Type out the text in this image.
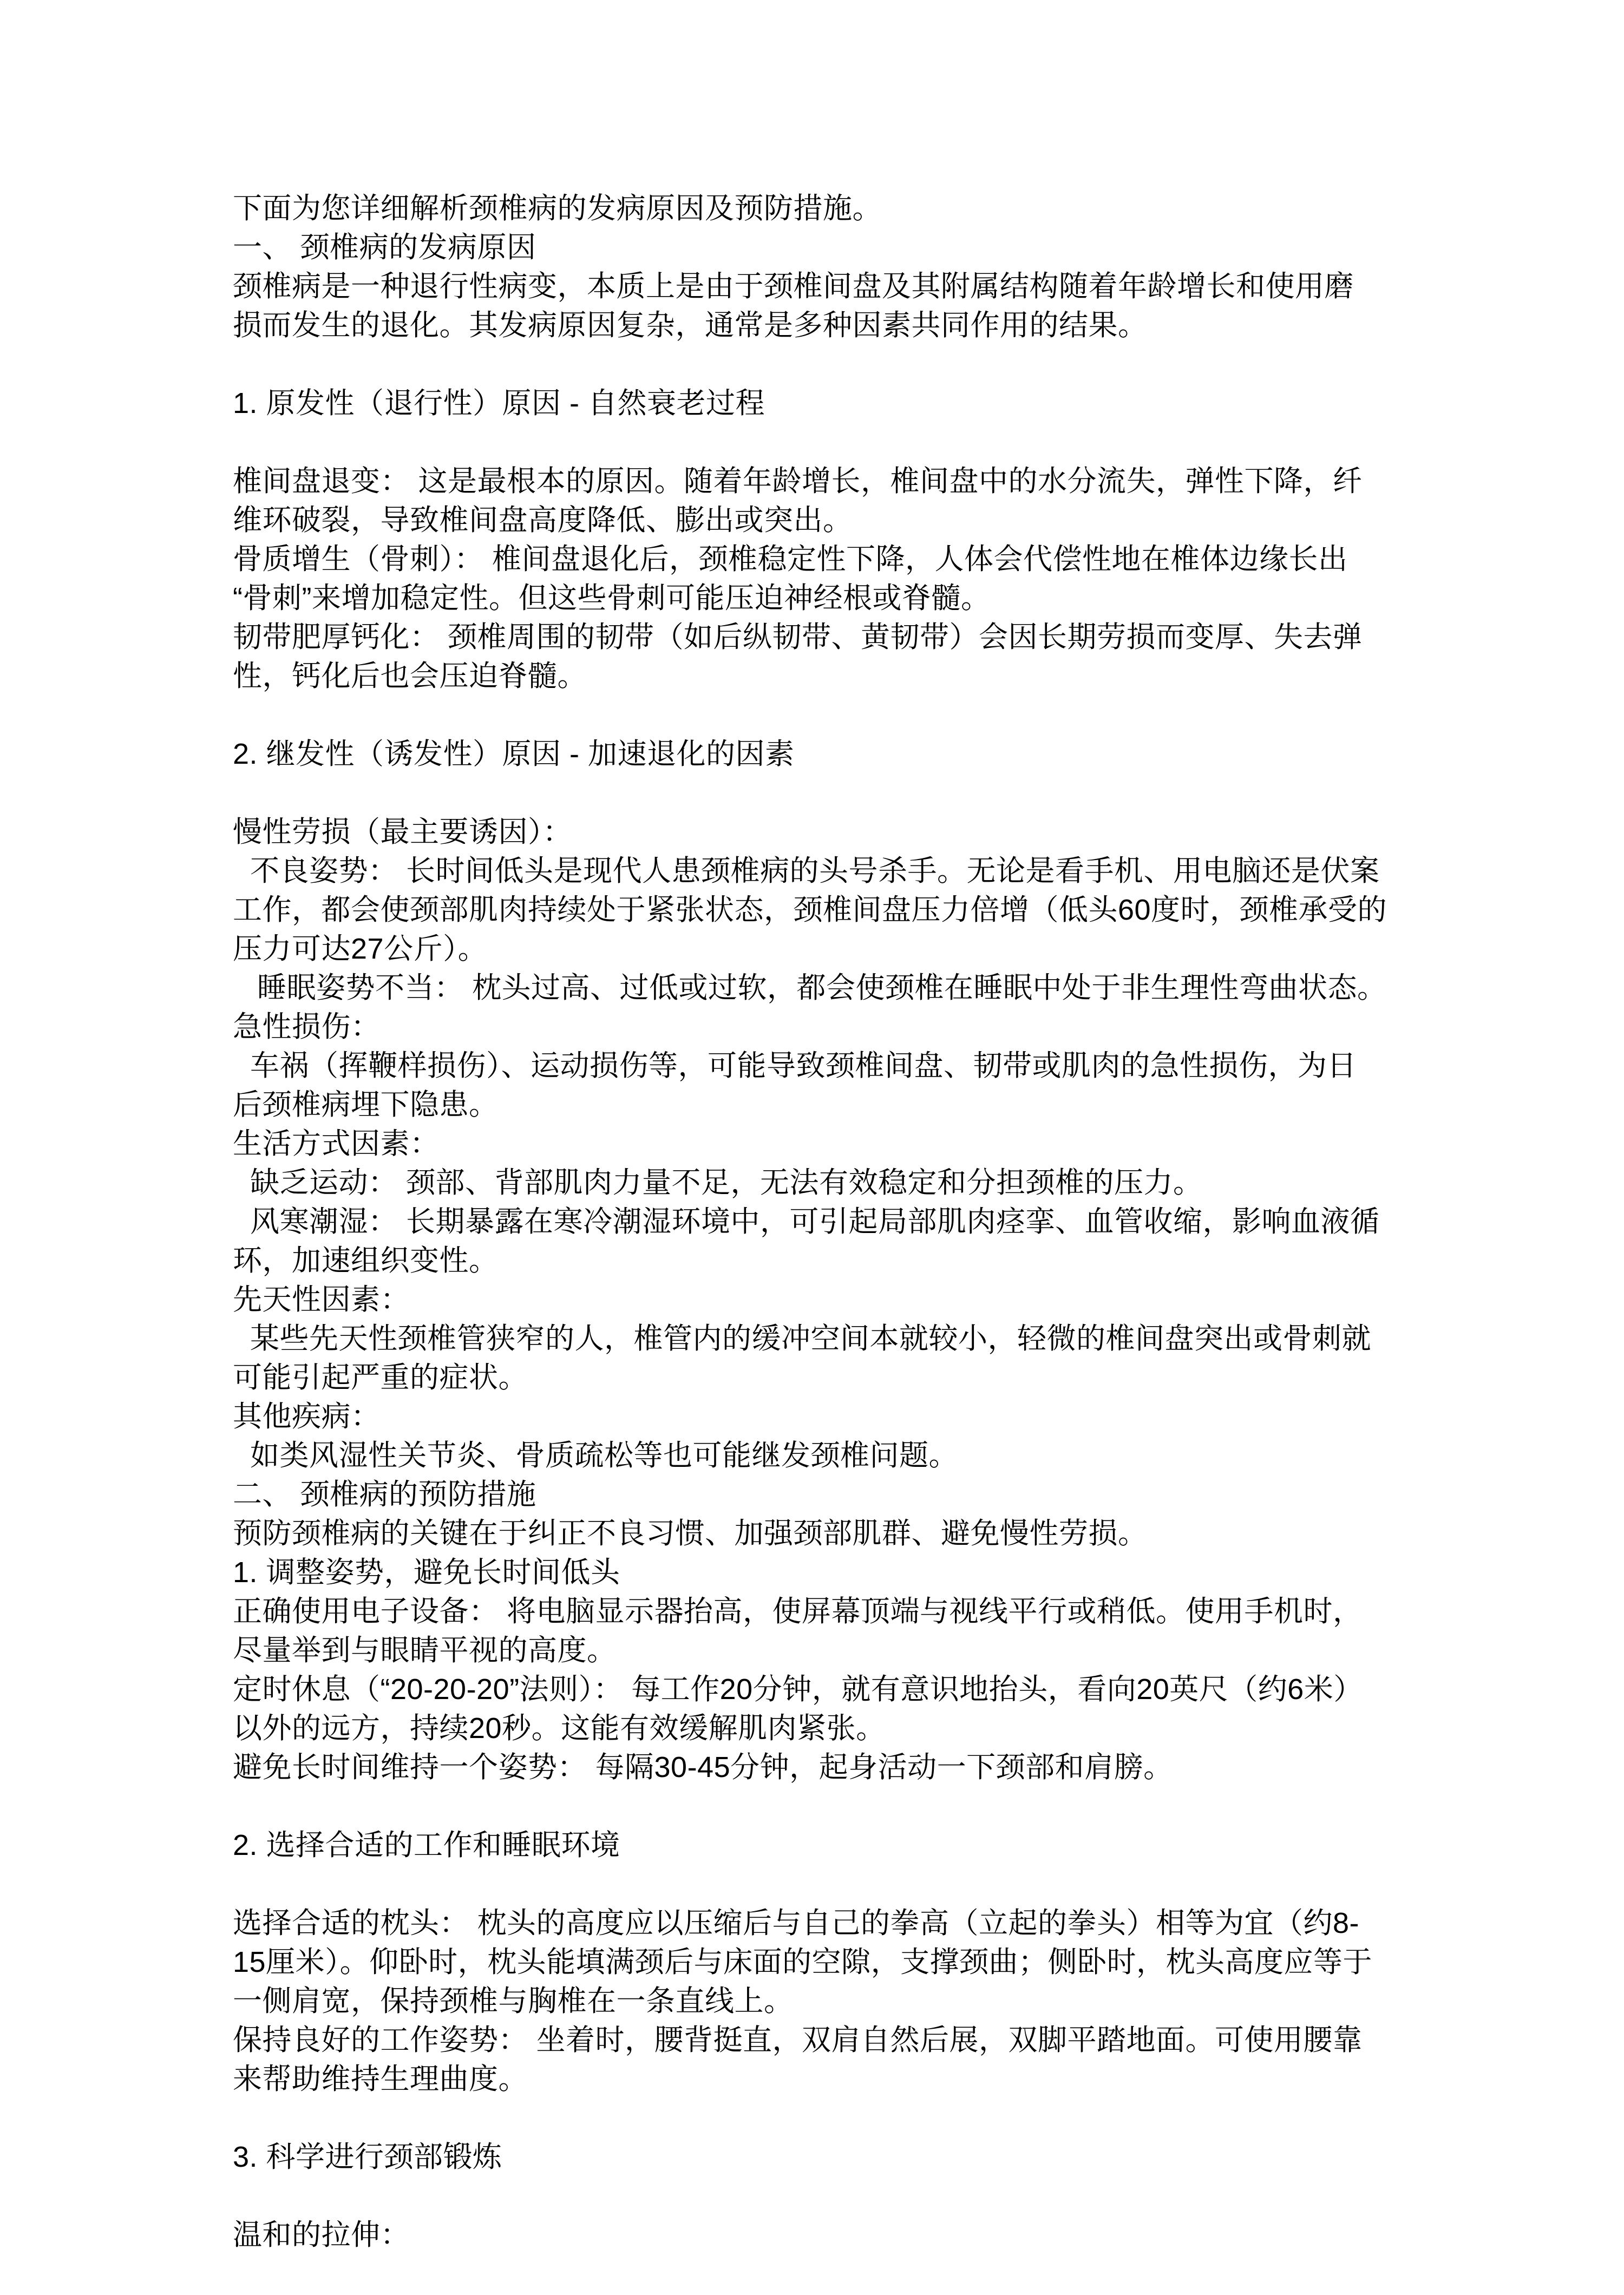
下面为您详细解析颈椎病的发病原因及预防措施。
一、 颈椎病的发病原因
颈椎病是一种退行性病变，本质上是由于颈椎间盘及其附属结构随着年龄增长和使用磨
损而发生的退化。其发病原因复杂，通常是多种因素共同作用的结果。
1. 原发性（退行性）原因 - 自然衰老过程
椎间盘退变： 这是最根本的原因。随着年龄增长，椎间盘中的水分流失，弹性下降，纤
维环破裂，导致椎间盘高度降低、膨出或突出。
骨质增生（骨刺）： 椎间盘退化后，颈椎稳定性下降，人体会代偿性地在椎体边缘长出
“骨刺”来增加稳定性。但这些骨刺可能压迫神经根或脊髓。
韧带肥厚钙化： 颈椎周围的韧带（如后纵韧带、黄韧带）会因长期劳损而变厚、失去弹
性，钙化后也会压迫脊髓。
2. 继发性（诱发性）原因 - 加速退化的因素
慢性劳损（最主要诱因）：
不良姿势： 长时间低头是现代人患颈椎病的头号杀手。无论是看手机、用电脑还是伏案
工作，都会使颈部肌肉持续处于紧张状态，颈椎间盘压力倍增（低头60度时，颈椎承受的
压力可达27公斤）。
睡眠姿势不当： 枕头过高、过低或过软，都会使颈椎在睡眠中处于非生理性弯曲状态。
急性损伤：
车祸（挥鞭样损伤）、运动损伤等，可能导致颈椎间盘、韧带或肌肉的急性损伤，为日
后颈椎病埋下隐患。
生活方式因素：
缺乏运动： 颈部、背部肌肉力量不足，无法有效稳定和分担颈椎的压力。
风寒潮湿： 长期暴露在寒冷潮湿环境中，可引起局部肌肉痉挛、血管收缩，影响血液循
环，加速组织变性。
先天性因素：
某些先天性颈椎管狭窄的人，椎管内的缓冲空间本就较小，轻微的椎间盘突出或骨刺就
可能引起严重的症状。
其他疾病：
如类风湿性关节炎、骨质疏松等也可能继发颈椎问题。
二、 颈椎病的预防措施
预防颈椎病的关键在于纠正不良习惯、加强颈部肌群、避免慢性劳损。
1. 调整姿势，避免长时间低头
正确使用电子设备： 将电脑显示器抬高，使屏幕顶端与视线平行或稍低。使用手机时，
尽量举到与眼睛平视的高度。
定时休息（“20-20-20”法则）： 每工作20分钟，就有意识地抬头，看向20英尺（约6米）
以外的远方，持续20秒。这能有效缓解肌肉紧张。
避免长时间维持一个姿势： 每隔30-45分钟，起身活动一下颈部和肩膀。
2. 选择合适的工作和睡眠环境
选择合适的枕头： 枕头的高度应以压缩后与自己的拳高（立起的拳头）相等为宜（约8-
15厘米）。仰卧时，枕头能填满颈后与床面的空隙，支撑颈曲；侧卧时，枕头高度应等于
一侧肩宽，保持颈椎与胸椎在一条直线上。
保持良好的工作姿势： 坐着时，腰背挺直，双肩自然后展，双脚平踏地面。可使用腰靠
来帮助维持生理曲度。
3. 科学进行颈部锻炼
温和的拉伸：
